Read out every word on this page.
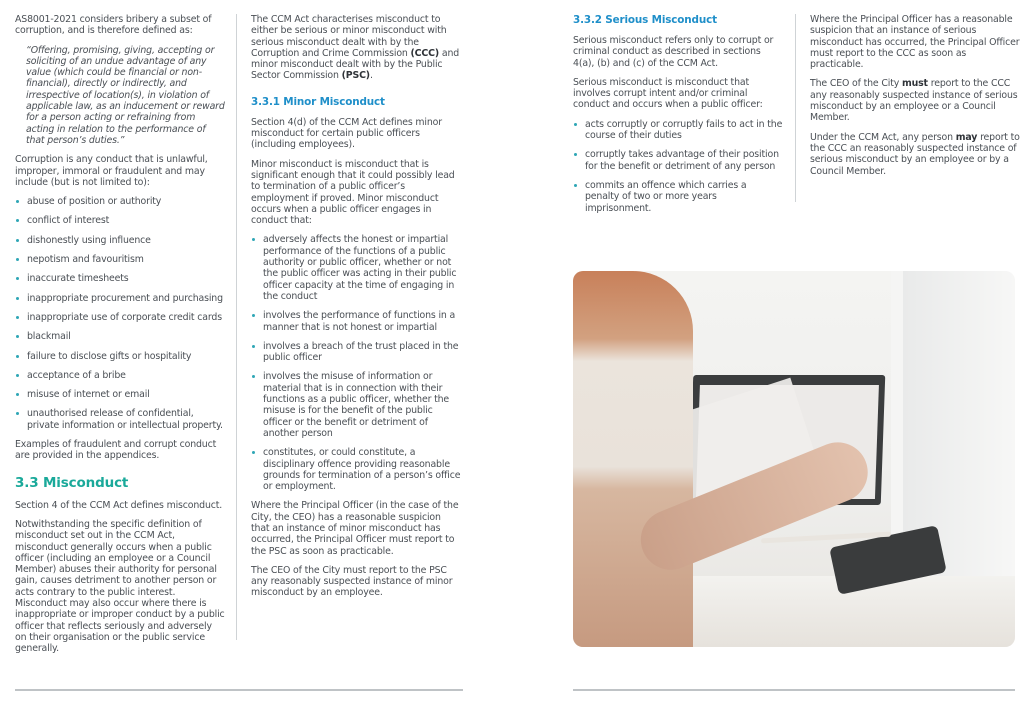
AS8001-2021 considers bribery a subset of corruption, and is therefore defined as:

“Offering, promising, giving, accepting or soliciting of an undue advantage of any value (which could be financial or non-financial), directly or indirectly, and irrespective of location(s), in violation of applicable law, as an inducement or reward for a person acting or refraining from acting in relation to the performance of that person’s duties.”

Corruption is any conduct that is unlawful, improper, immoral or fraudulent and may include (but is not limited to):

abuse of position or authority
conflict of interest
dishonestly using influence
nepotism and favouritism
inaccurate timesheets
inappropriate procurement and purchasing
inappropriate use of corporate credit cards
blackmail
failure to disclose gifts or hospitality
acceptance of a bribe
misuse of internet or email
unauthorised release of confidential, private information or intellectual property.

Examples of fraudulent and corrupt conduct are provided in the appendices.

3.3 Misconduct

Section 4 of the CCM Act defines misconduct.

Notwithstanding the specific definition of misconduct set out in the CCM Act, misconduct generally occurs when a public officer (including an employee or a Council Member) abuses their authority for personal gain, causes detriment to another person or acts contrary to the public interest. Misconduct may also occur where there is inappropriate or improper conduct by a public officer that reflects seriously and adversely on their organisation or the public service generally.

The CCM Act characterises misconduct to either be serious or minor misconduct with serious misconduct dealt with by the Corruption and Crime Commission (CCC) and minor misconduct dealt with by the Public Sector Commission (PSC).

3.3.1 Minor Misconduct

Section 4(d) of the CCM Act defines minor misconduct for certain public officers (including employees).

Minor misconduct is misconduct that is significant enough that it could possibly lead to termination of a public officer’s employment if proved. Minor misconduct occurs when a public officer engages in conduct that:

adversely affects the honest or impartial performance of the functions of a public authority or public officer, whether or not the public officer was acting in their public officer capacity at the time of engaging in the conduct
involves the performance of functions in a manner that is not honest or impartial
involves a breach of the trust placed in the public officer
involves the misuse of information or material that is in connection with their functions as a public officer, whether the misuse is for the benefit of the public officer or the benefit or detriment of another person
constitutes, or could constitute, a disciplinary offence providing reasonable grounds for termination of a person’s office or employment.

Where the Principal Officer (in the case of the City, the CEO) has a reasonable suspicion that an instance of minor misconduct has occurred, the Principal Officer must report to the PSC as soon as practicable.

The CEO of the City must report to the PSC any reasonably suspected instance of minor misconduct by an employee.

3.3.2 Serious Misconduct

Serious misconduct refers only to corrupt or criminal conduct as described in sections 4(a), (b) and (c) of the CCM Act.

Serious misconduct is misconduct that involves corrupt intent and/or criminal conduct and occurs when a public officer:

acts corruptly or corruptly fails to act in the course of their duties
corruptly takes advantage of their position for the benefit or detriment of any person
commits an offence which carries a penalty of two or more years imprisonment.

Where the Principal Officer has a reasonable suspicion that an instance of serious misconduct has occurred, the Principal Officer must report to the CCC as soon as practicable.

The CEO of the City must report to the CCC any reasonably suspected instance of serious misconduct by an employee or a Council Member.

Under the CCM Act, any person may report to the CCC an reasonably suspected instance of serious misconduct by an employee or by a Council Member.
